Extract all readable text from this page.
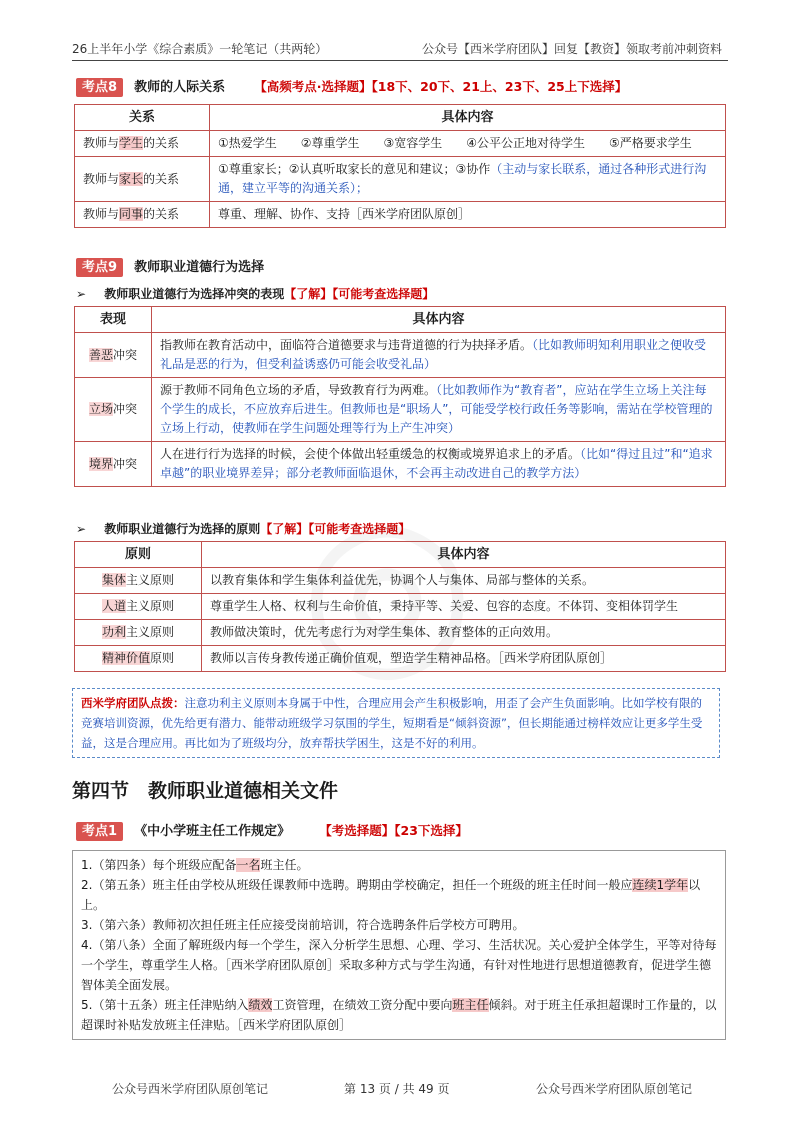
26上半年小学《综合素质》一轮笔记（共两轮）	公众号【西米学府团队】回复【教资】领取考前冲刺资料
考点8 教师的人际关系 【高频考点·选择题】【18下、20下、21上、23下、25上下选择】
关系	具体内容
教师与学生的关系	①热爱学生　　②尊重学生　　③宽容学生　　④公平公正地对待学生　　⑤严格要求学生
教师与家长的关系	①尊重家长；②认真听取家长的意见和建议；③协作（主动与家长联系，通过各种形式进行沟通，建立平等的沟通关系）；
教师与同事的关系	尊重、理解、协作、支持［西米学府团队原创］
考点9 教师职业道德行为选择
➢ 教师职业道德行为选择冲突的表现【了解】【可能考查选择题】
表现	具体内容
善恶冲突	指教师在教育活动中，面临符合道德要求与违背道德的行为抉择矛盾。（比如教师明知利用职业之便收受礼品是恶的行为，但受利益诱惑仍可能会收受礼品）
立场冲突	源于教师不同角色立场的矛盾，导致教育行为两难。（比如教师作为“教育者”，应站在学生立场上关注每个学生的成长，不应放弃后进生。但教师也是“职场人”，可能受学校行政任务等影响，需站在学校管理的立场上行动，使教师在学生问题处理等行为上产生冲突）
境界冲突	人在进行行为选择的时候，会使个体做出轻重缓急的权衡或境界追求上的矛盾。（比如“得过且过”和“追求卓越”的职业境界差异；部分老教师面临退休，不会再主动改进自己的教学方法）
➢ 教师职业道德行为选择的原则【了解】【可能考查选择题】
原则	具体内容
集体主义原则	以教育集体和学生集体利益优先，协调个人与集体、局部与整体的关系。
人道主义原则	尊重学生人格、权利与生命价值，秉持平等、关爱、包容的态度。不体罚、变相体罚学生
功利主义原则	教师做决策时，优先考虑行为对学生集体、教育整体的正向效用。
精神价值原则	教师以言传身教传递正确价值观，塑造学生精神品格。［西米学府团队原创］
西米学府团队点拨：注意功利主义原则本身属于中性，合理应用会产生积极影响，用歪了会产生负面影响。比如学校有限的竞赛培训资源，优先给更有潜力、能带动班级学习氛围的学生，短期看是“倾斜资源”，但长期能通过榜样效应让更多学生受益，这是合理应用。再比如为了班级均分，放弃帮扶学困生，这是不好的利用。
第四节　教师职业道德相关文件
考点1 《中小学班主任工作规定》 【考选择题】【23下选择】
1.（第四条）每个班级应配备一名班主任。
2.（第五条）班主任由学校从班级任课教师中选聘。聘期由学校确定，担任一个班级的班主任时间一般应连续1学年以上。
3.（第六条）教师初次担任班主任应接受岗前培训，符合选聘条件后学校方可聘用。
4.（第八条）全面了解班级内每一个学生，深入分析学生思想、心理、学习、生活状况。关心爱护全体学生，平等对待每一个学生，尊重学生人格。［西米学府团队原创］采取多种方式与学生沟通，有针对性地进行思想道德教育，促进学生德智体美全面发展。
5.（第十五条）班主任津贴纳入绩效工资管理，在绩效工资分配中要向班主任倾斜。对于班主任承担超课时工作量的，以超课时补贴发放班主任津贴。［西米学府团队原创］
公众号西米学府团队原创笔记	第 13 页 / 共 49 页	公众号西米学府团队原创笔记
